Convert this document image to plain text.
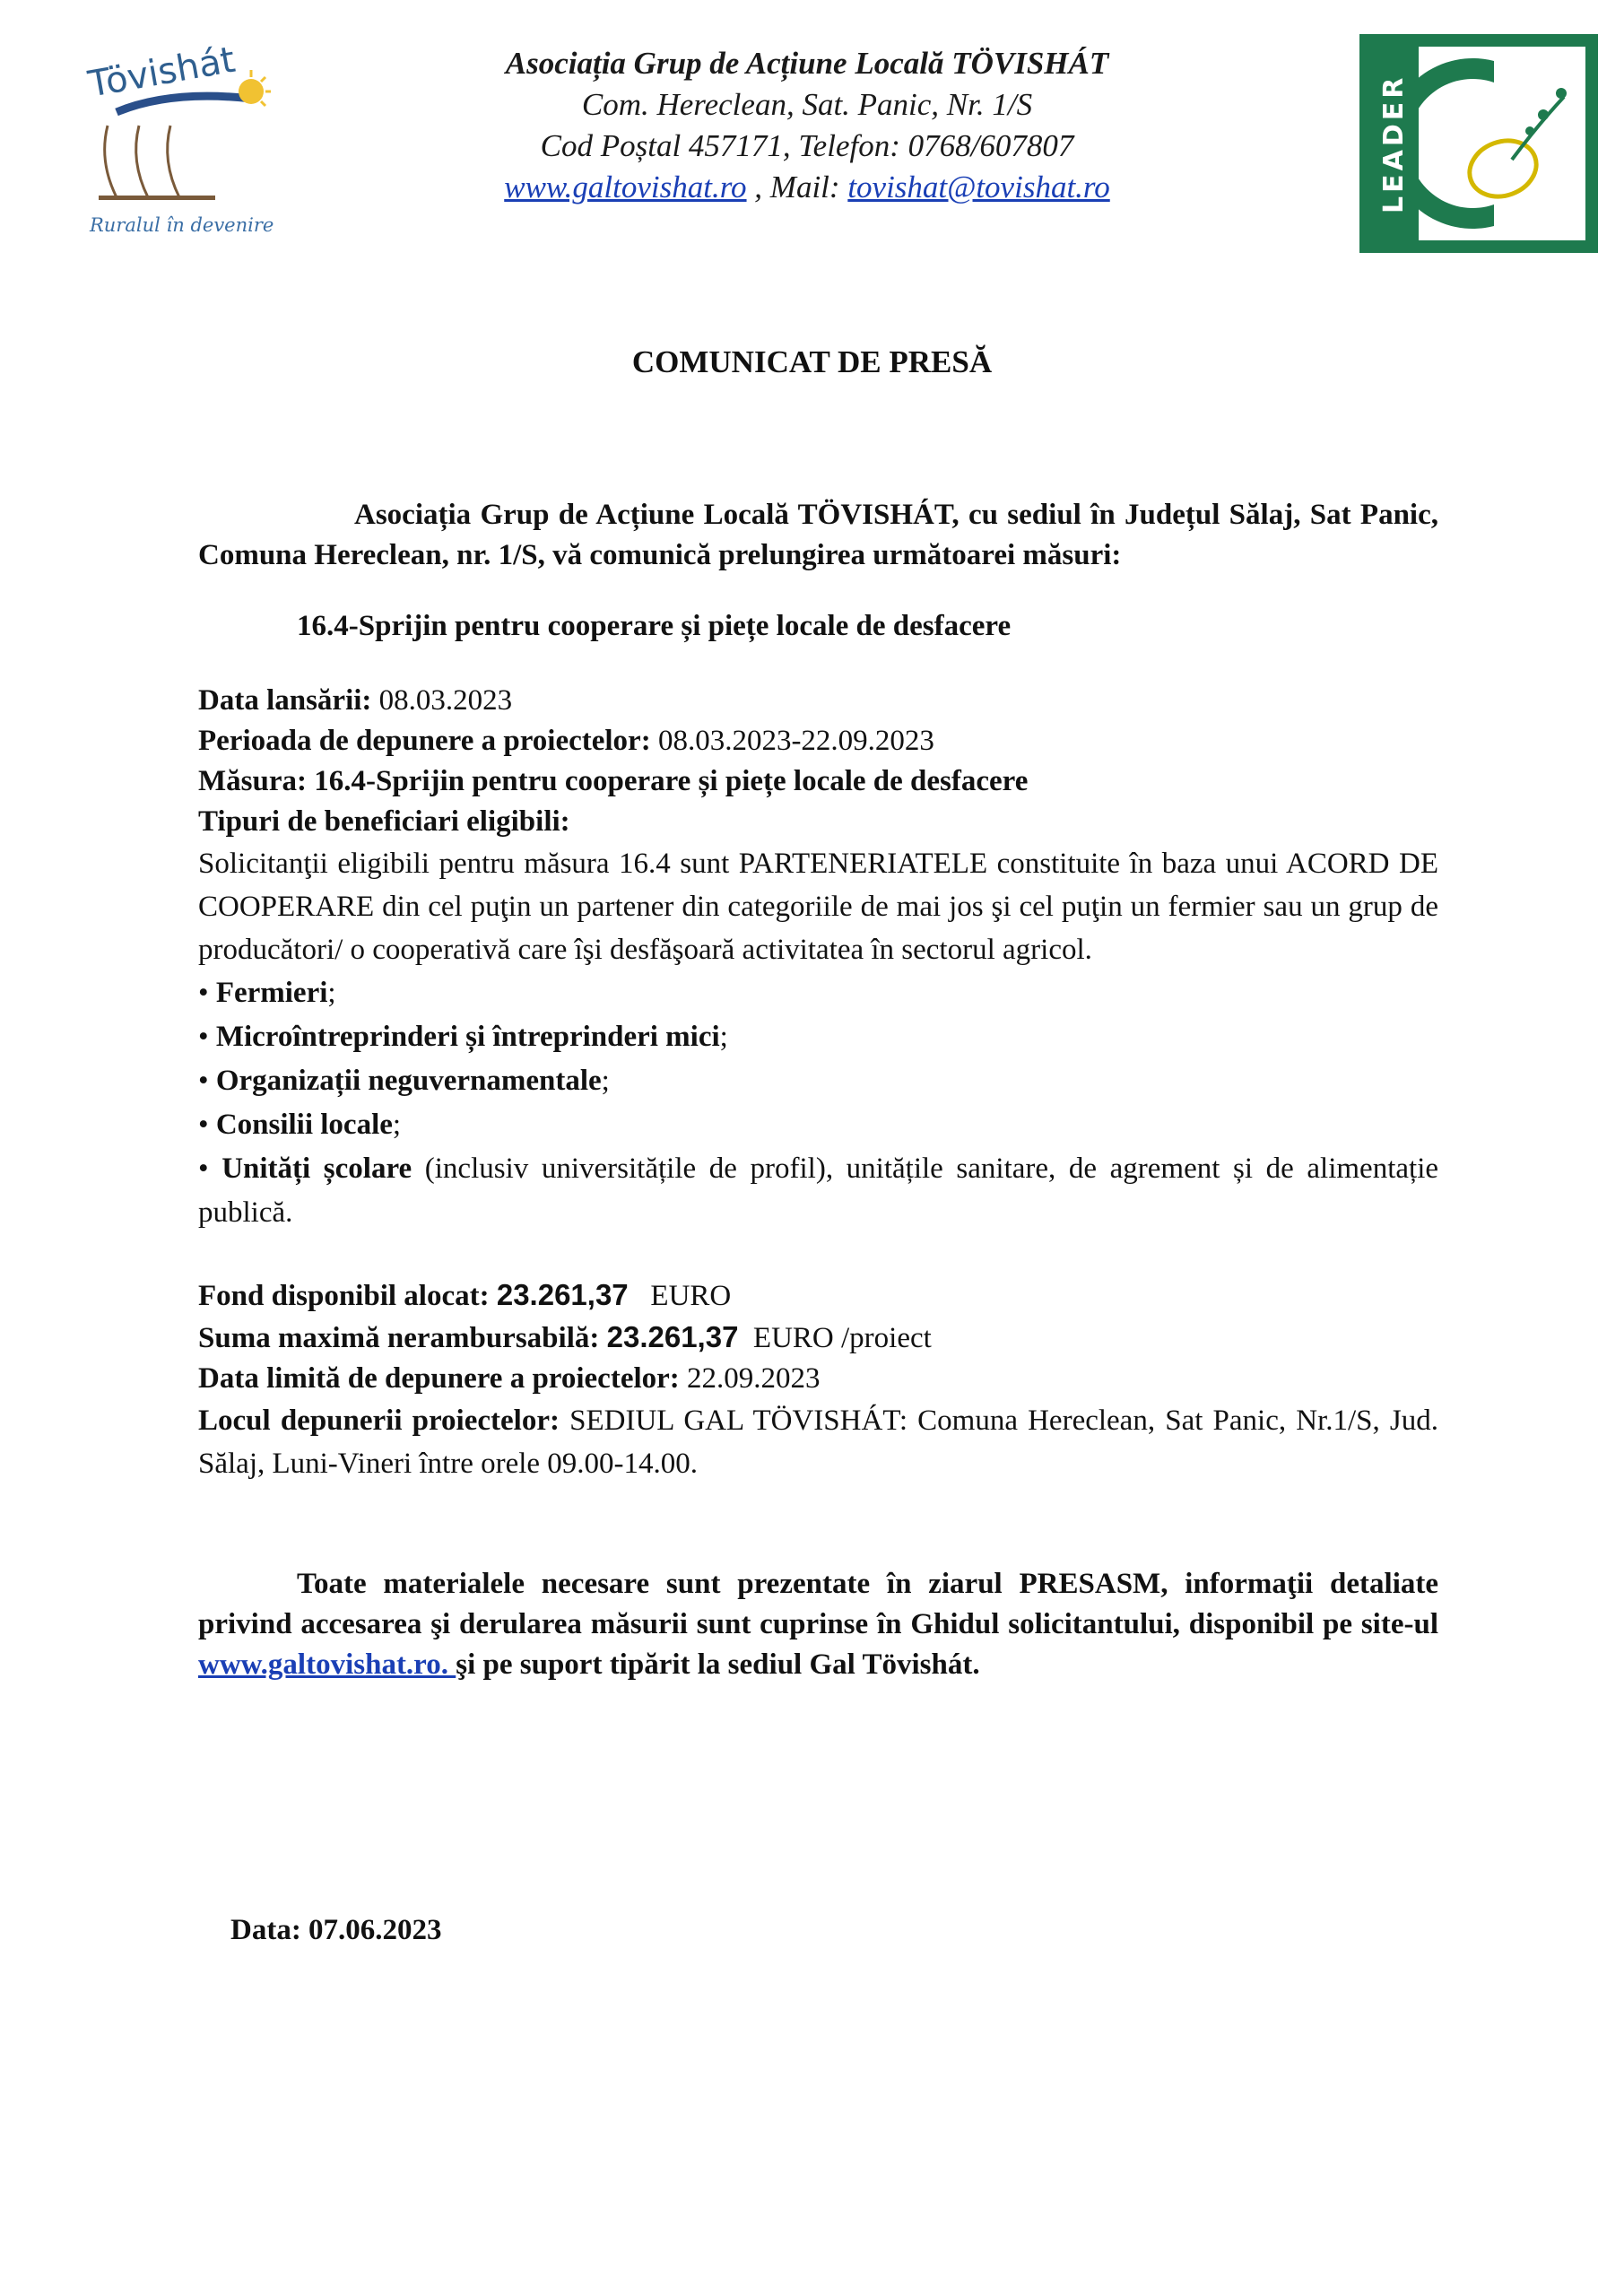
Tövishát
Ruralul în devenire
Asociația Grup de Acțiune Locală TÖVISHÁT
Com. Hereclean, Sat. Panic, Nr. 1/S
Cod Poștal 457171, Telefon: 0768/607807
www.galtovishat.ro , Mail: tovishat@tovishat.ro	LEADER
COMUNICAT DE PRESĂ

Asociația Grup de Acțiune Locală TÖVISHÁT, cu sediul în Județul Sălaj, Sat Panic, Comuna Hereclean, nr. 1/S, vă comunică prelungirea următoarei măsuri:

16.4-Sprijin pentru cooperare și piețe locale de desfacere

Data lansării: 08.03.2023

Perioada de depunere a proiectelor: 08.03.2023-22.09.2023

Măsura: 16.4-Sprijin pentru cooperare și piețe locale de desfacere

Tipuri de beneficiari eligibili:

Solicitanţii eligibili pentru măsura 16.4 sunt PARTENERIATELE constituite în baza unui ACORD DE COOPERARE din cel puţin un partener din categoriile de mai jos şi cel puţin un fermier sau un grup de producători/ o cooperativă care îşi desfăşoară activitatea în sectorul agricol.

• Fermieri;

• Microîntreprinderi și întreprinderi mici;

• Organizații neguvernamentale;

• Consilii locale;

• Unități școlare (inclusiv universitățile de profil), unitățile sanitare, de agrement și de alimentație publică.

Fond disponibil alocat: 23.261,37 EURO

Suma maximă nerambursabilă: 23.261,37 EURO /proiect

Data limită de depunere a proiectelor: 22.09.2023

Locul depunerii proiectelor: SEDIUL GAL TÖVISHÁT: Comuna Hereclean, Sat Panic, Nr.1/S, Jud. Sălaj, Luni-Vineri între orele 09.00-14.00.

Toate materialele necesare sunt prezentate în ziarul PRESASM, informaţii detaliate privind accesarea şi derularea măsurii sunt cuprinse în Ghidul solicitantului, disponibil pe site-ul www.galtovishat.ro. şi pe suport tipărit la sediul Gal Tövishát.

Data: 07.06.2023
